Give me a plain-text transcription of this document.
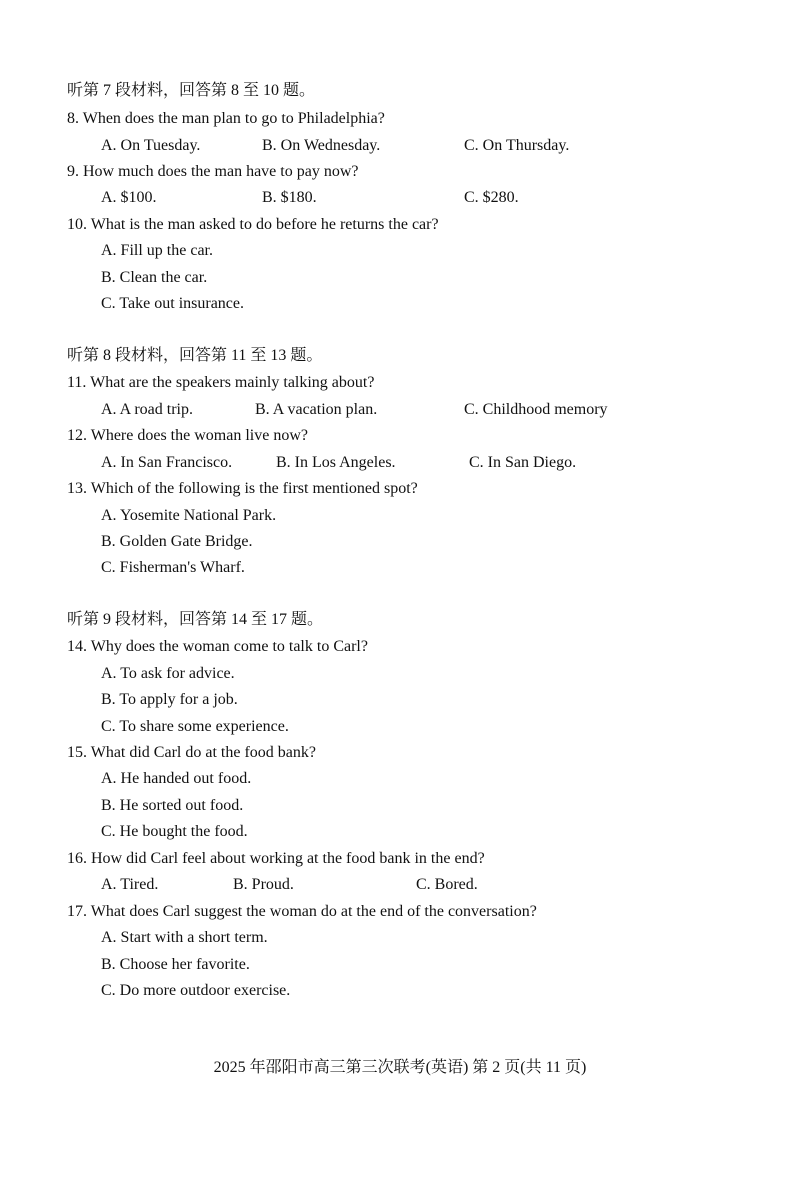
听第 7 段材料，回答第 8 至 10 题。
8. When does the man plan to go to Philadelphia?
A. On Tuesday.	B. On Wednesday.	C. On Thursday.
9. How much does the man have to pay now?
A. $100.	B. $180.	C. $280.
10. What is the man asked to do before he returns the car?
A. Fill up the car.
B. Clean the car.
C. Take out insurance.
听第 8 段材料，回答第 11 至 13 题。
11. What are the speakers mainly talking about?
A. A road trip.	B. A vacation plan.	C. Childhood memory
12. Where does the woman live now?
A. In San Francisco.	B. In Los Angeles.	C. In San Diego.
13. Which of the following is the first mentioned spot?
A. Yosemite National Park.
B. Golden Gate Bridge.
C. Fisherman's Wharf.
听第 9 段材料，回答第 14 至 17 题。
14. Why does the woman come to talk to Carl?
A. To ask for advice.
B. To apply for a job.
C. To share some experience.
15. What did Carl do at the food bank?
A. He handed out food.
B. He sorted out food.
C. He bought the food.
16. How did Carl feel about working at the food bank in the end?
A. Tired.	B. Proud.	C. Bored.
17. What does Carl suggest the woman do at the end of the conversation?
A. Start with a short term.
B. Choose her favorite.
C. Do more outdoor exercise.
2025 年邵阳市高三第三次联考(英语) 第 2 页(共 11 页)
